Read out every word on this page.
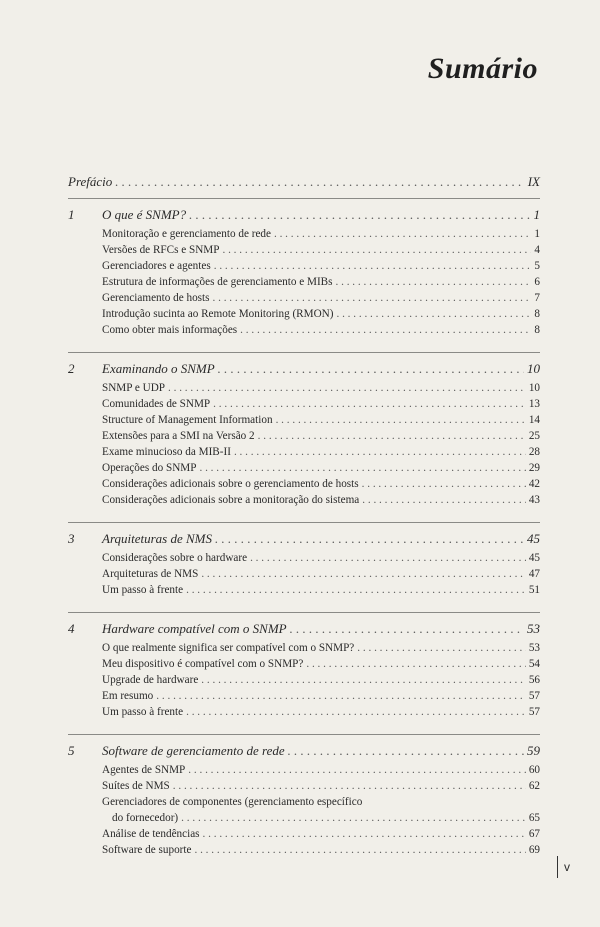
Sumário
Prefácio . . .	IX
1	O que é SNMP? . . .	1
Monitoração e gerenciamento de rede . . .	1
Versões de RFCs e SNMP . . .	4
Gerenciadores e agentes . . .	5
Estrutura de informações de gerenciamento e MIBs . . .	6
Gerenciamento de hosts . . .	7
Introdução sucinta ao Remote Monitoring (RMON) . . .	8
Como obter mais informações . . .	8
2	Examinando o SNMP . . .	10
SNMP e UDP . . .	10
Comunidades de SNMP . . .	13
Structure of Management Information . . .	14
Extensões para a SMI na Versão 2 . . .	25
Exame minucioso da MIB-II . . .	28
Operações do SNMP . . .	29
Considerações adicionais sobre o gerenciamento de hosts . . .	42
Considerações adicionais sobre a monitoração do sistema . . .	43
3	Arquiteturas de NMS . . .	45
Considerações sobre o hardware . . .	45
Arquiteturas de NMS . . .	47
Um passo à frente . . .	51
4	Hardware compatível com o SNMP . . .	53
O que realmente significa ser compatível com o SNMP? . . .	53
Meu dispositivo é compatível com o SNMP? . . .	54
Upgrade de hardware . . .	56
Em resumo . . .	57
Um passo à frente . . .	57
5	Software de gerenciamento de rede . . .	59
Agentes de SNMP . . .	60
Suítes de NMS . . .	62
Gerenciadores de componentes (gerenciamento específico
do fornecedor) . . .	65
Análise de tendências . . .	67
Software de suporte . . .	69
v
